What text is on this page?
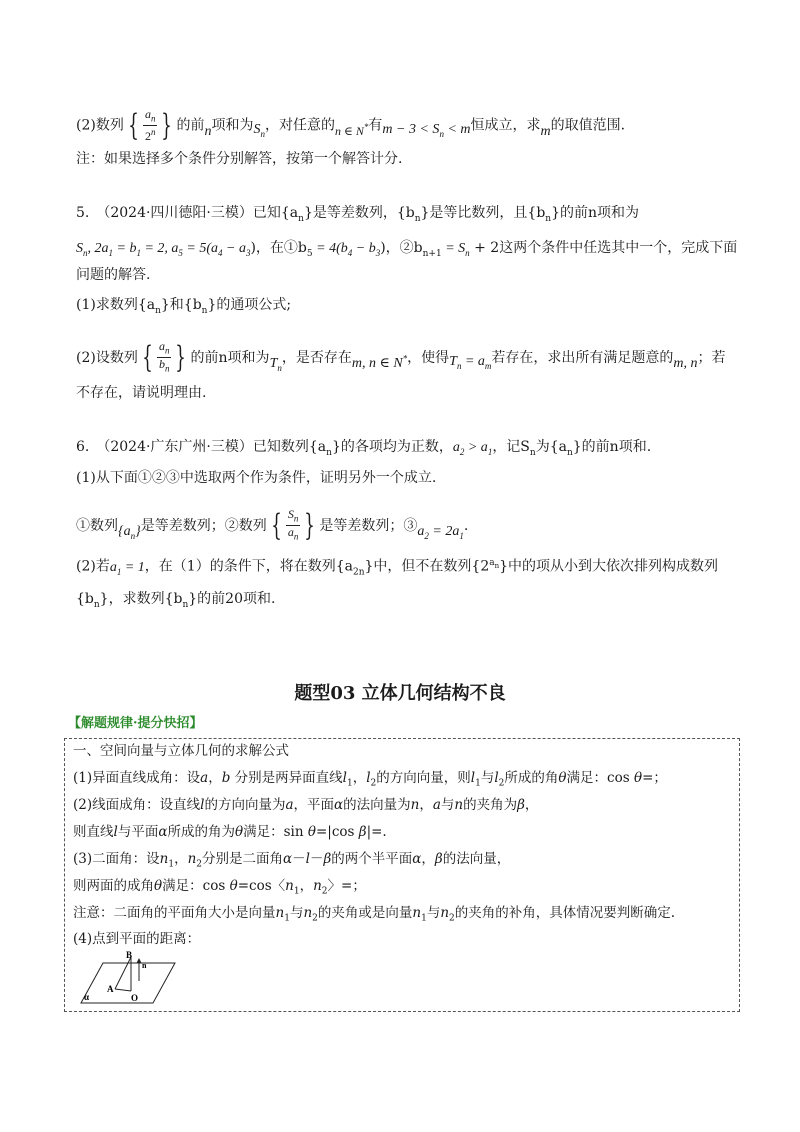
(2)数列 { $\frac{a_n}{2^n}$ } 的前n项和为$S_n$，对任意的n ∈ N*有$m - 3 < S_n < m$恒成立，求m的取值范围.
注：如果选择多个条件分别解答，按第一个解答计分.
5.　（2024·四川德阳·三模）已知$\{a_n\}$是等差数列，$\{b_n\}$是等比数列，且$\{b_n\}$的前n项和为
$S_n$, $2a_1 = b_1 = 2$, $a_5 = 5(a_4 - a_3)$，在$①b_5 = 4(b_4 - b_3)$，$②b_{n+1} = S_n + 2$这两个条件中任选其中一个，完成下面
问题的解答.
(1)求数列$\{a_n\}$和$\{b_n\}$的通项公式;
(2)设数列 { $\frac{a_n}{b_n}$ } 的前n项和为$T_n$，是否存在m, n ∈ N*，使得$T_n = a_m$若存在，求出所有满足题意的m, n；若
不存在，请说明理由.
6.　（2024·广东广州·三模）已知数列$\{a_n\}$的各项均为正数，$a_2 > a_1$，记$S_n$为$\{a_n\}$的前n项和.
(1)从下面①②③中选取两个作为条件，证明另外一个成立.
①数列$\{a_n\}$是等差数列；②数列 { $\frac{S_n}{a_n}$ } 是等差数列；$③a_2 = 2a_1$.
(2)若$a_1 = 1$，在（1）的条件下，将在数列$\{a_{2n}\}$中，但不在数列$\{2^{a_n}\}$中的项从小到大依次排列构成数列
$\{b_n\}$，求数列$\{b_n\}$的前20项和.
题型03 立体几何结构不良
【解题规律·提分快招】
一、空间向量与立体几何的求解公式
(1)异面直线成角：设a，b 分别是两异面直线$l_1$，$l_2$的方向向量，则$l_1$与$l_2$所成的角θ满足：cos θ=；
(2)线面成角：设直线l的方向向量为a，平面α的法向量为n，a与n的夹角为β，
则直线l与平面α所成的角为θ满足：sin θ=|cos β|=.
(3)二面角：设$n_1$，$n_2$分别是二面角α－l－β的两个半平面α，β的法向量，
则两面的成角θ满足：cos θ=cos〈$n_1$，$n_2$〉=；
注意：二面角的平面角大小是向量$n_1$与$n_2$的夹角或是向量$n_1$与$n_2$的夹角的补角，具体情况要判断确定.
(4)点到平面的距离：
B
n
A
O
α
